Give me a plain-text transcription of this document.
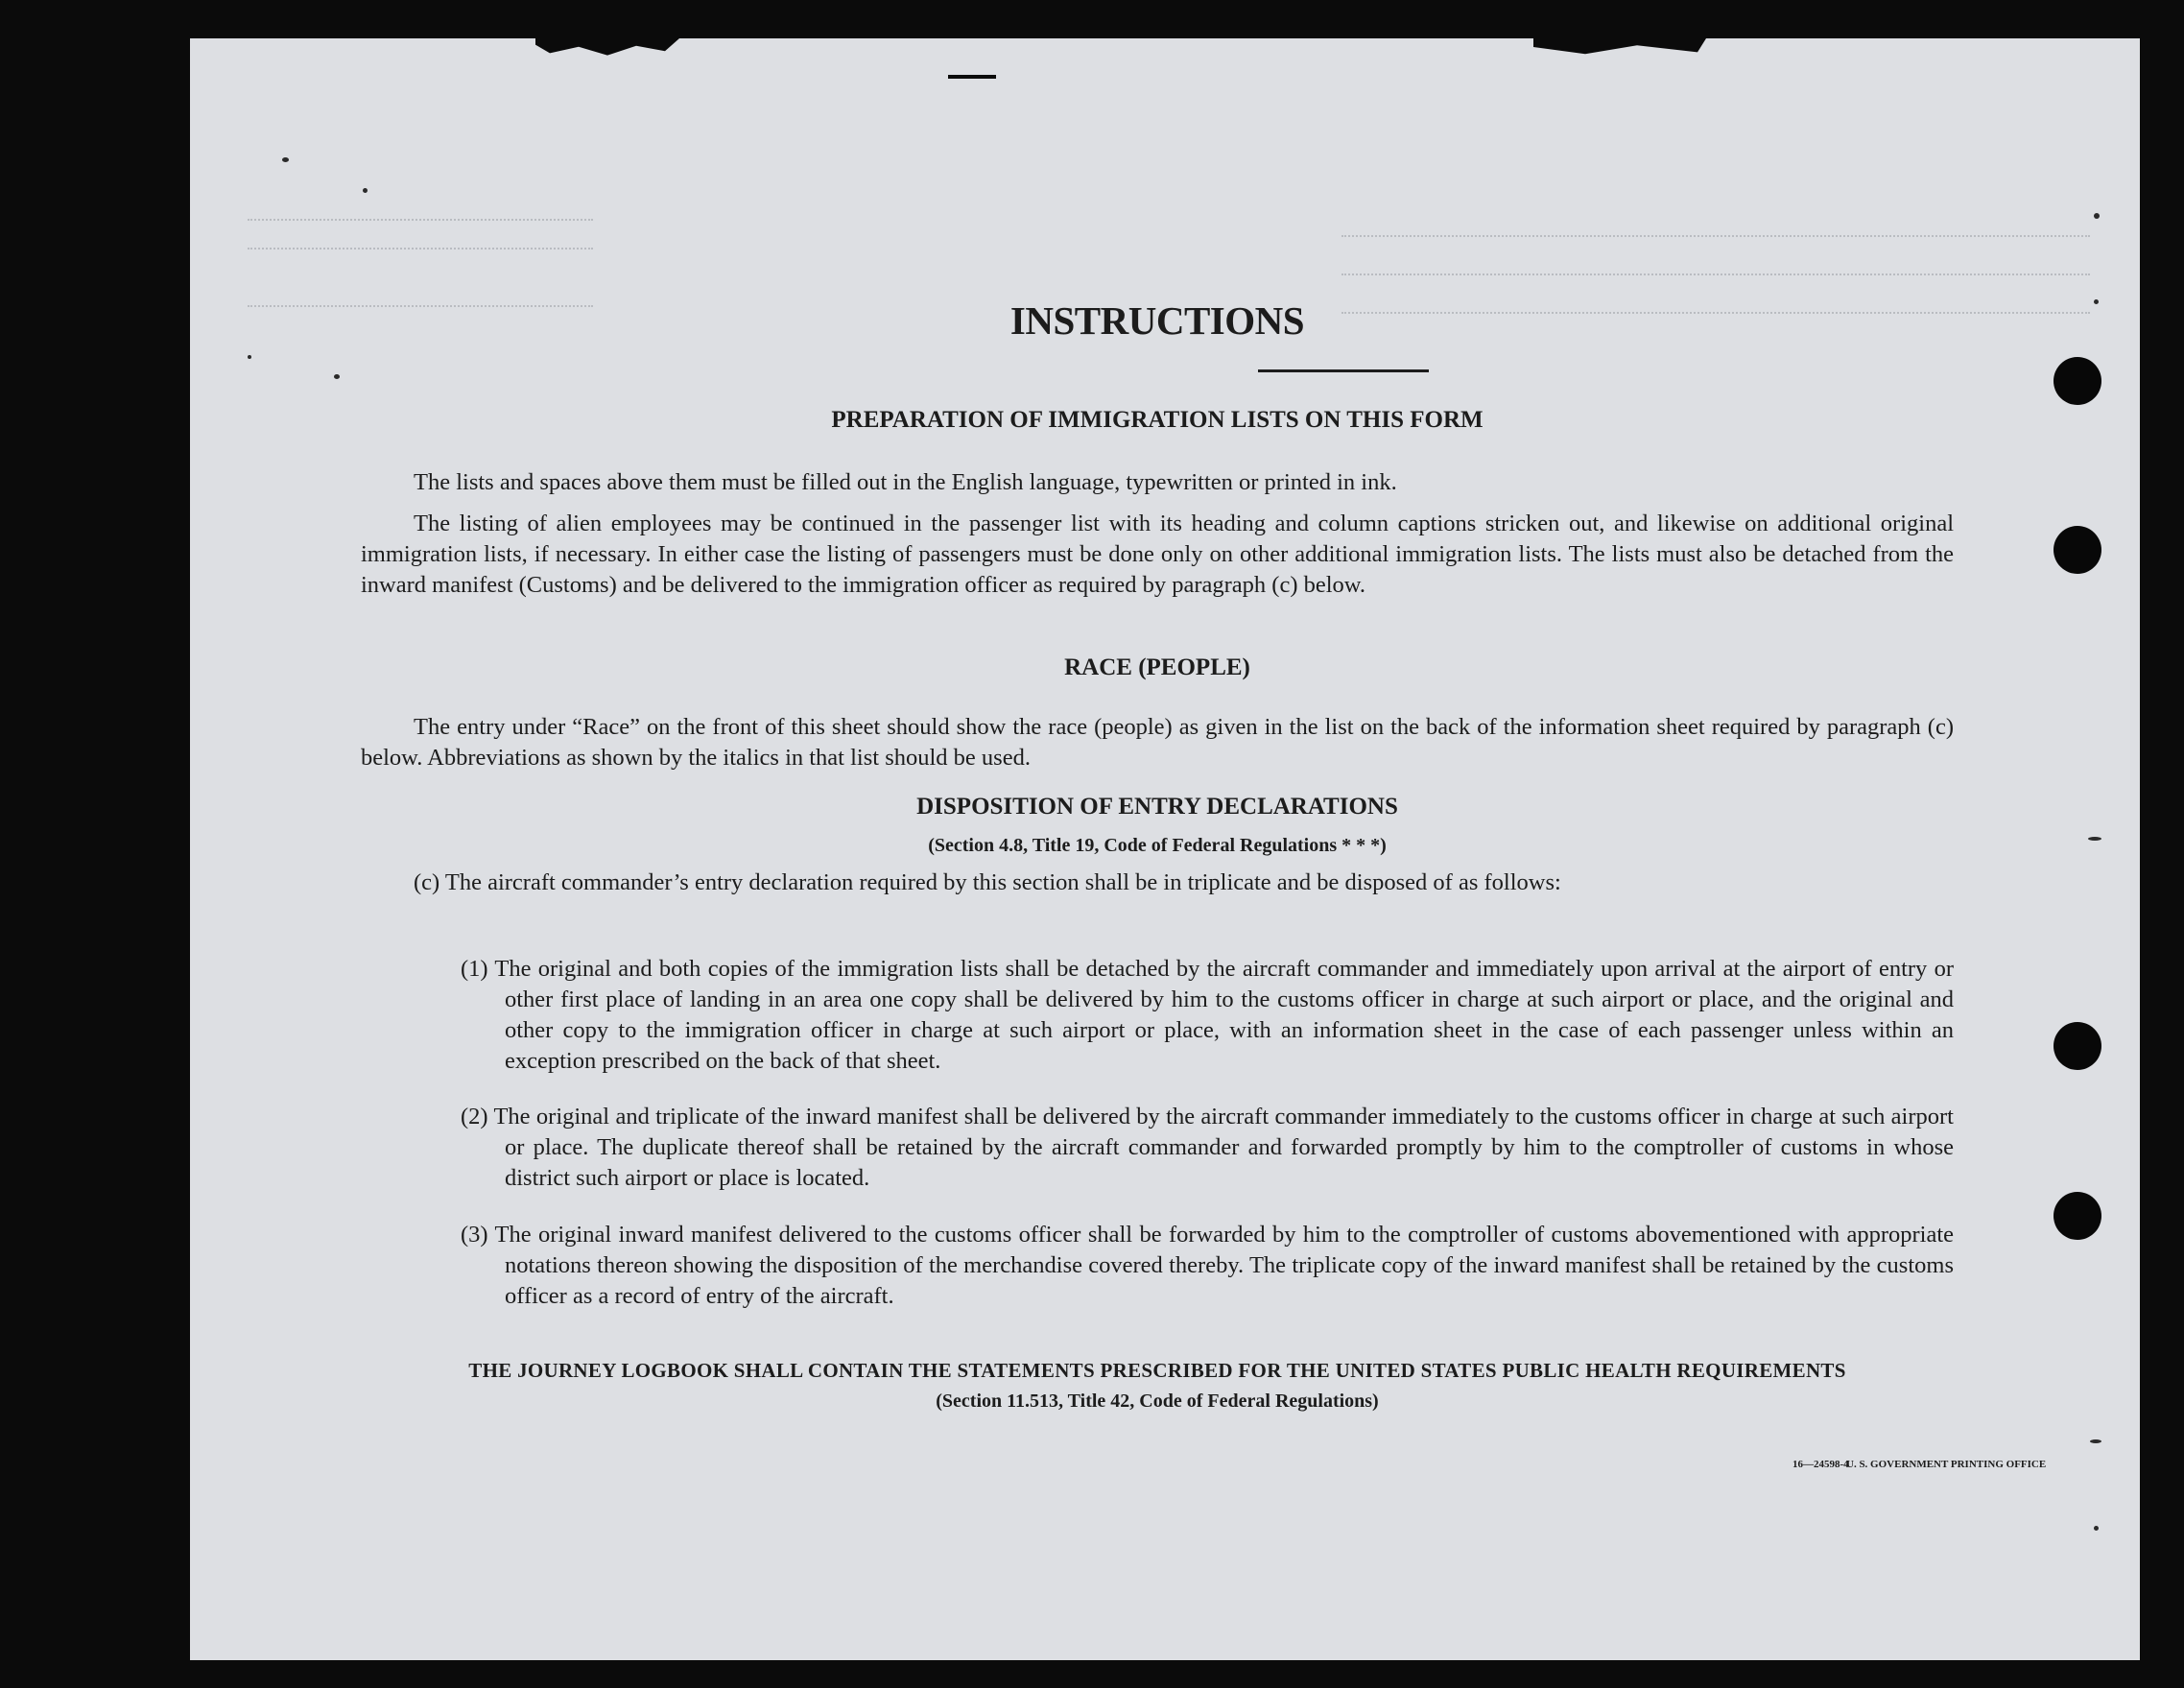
INSTRUCTIONS
PREPARATION OF IMMIGRATION LISTS ON THIS FORM
The lists and spaces above them must be filled out in the English language, typewritten or printed in ink.
The listing of alien employees may be continued in the passenger list with its heading and column captions stricken out, and likewise on additional original immigration lists, if necessary. In either case the listing of passengers must be done only on other additional immigration lists. The lists must also be detached from the inward manifest (Customs) and be delivered to the immigration officer as required by paragraph (c) below.
RACE (PEOPLE)
The entry under “Race” on the front of this sheet should show the race (people) as given in the list on the back of the information sheet required by paragraph (c) below. Abbreviations as shown by the italics in that list should be used.
DISPOSITION OF ENTRY DECLARATIONS
(Section 4.8, Title 19, Code of Federal Regulations * * *)
(c) The aircraft commander’s entry declaration required by this section shall be in triplicate and be disposed of as follows:
(1) The original and both copies of the immigration lists shall be detached by the aircraft commander and immediately upon arrival at the airport of entry or other first place of landing in an area one copy shall be delivered by him to the customs officer in charge at such airport or place, and the original and other copy to the immigration officer in charge at such airport or place, with an information sheet in the case of each passenger unless within an exception prescribed on the back of that sheet.
(2) The original and triplicate of the inward manifest shall be delivered by the aircraft commander immediately to the customs officer in charge at such airport or place. The duplicate thereof shall be retained by the aircraft commander and forwarded promptly by him to the comptroller of customs in whose district such airport or place is located.
(3) The original inward manifest delivered to the customs officer shall be forwarded by him to the comptroller of customs abovementioned with appropriate notations thereon showing the disposition of the merchandise covered thereby. The triplicate copy of the inward manifest shall be retained by the customs officer as a record of entry of the aircraft.
THE JOURNEY LOGBOOK SHALL CONTAIN THE STATEMENTS PRESCRIBED FOR THE UNITED STATES PUBLIC HEALTH REQUIREMENTS
(Section 11.513, Title 42, Code of Federal Regulations)
16—24598-4
U. S. GOVERNMENT PRINTING OFFICE
